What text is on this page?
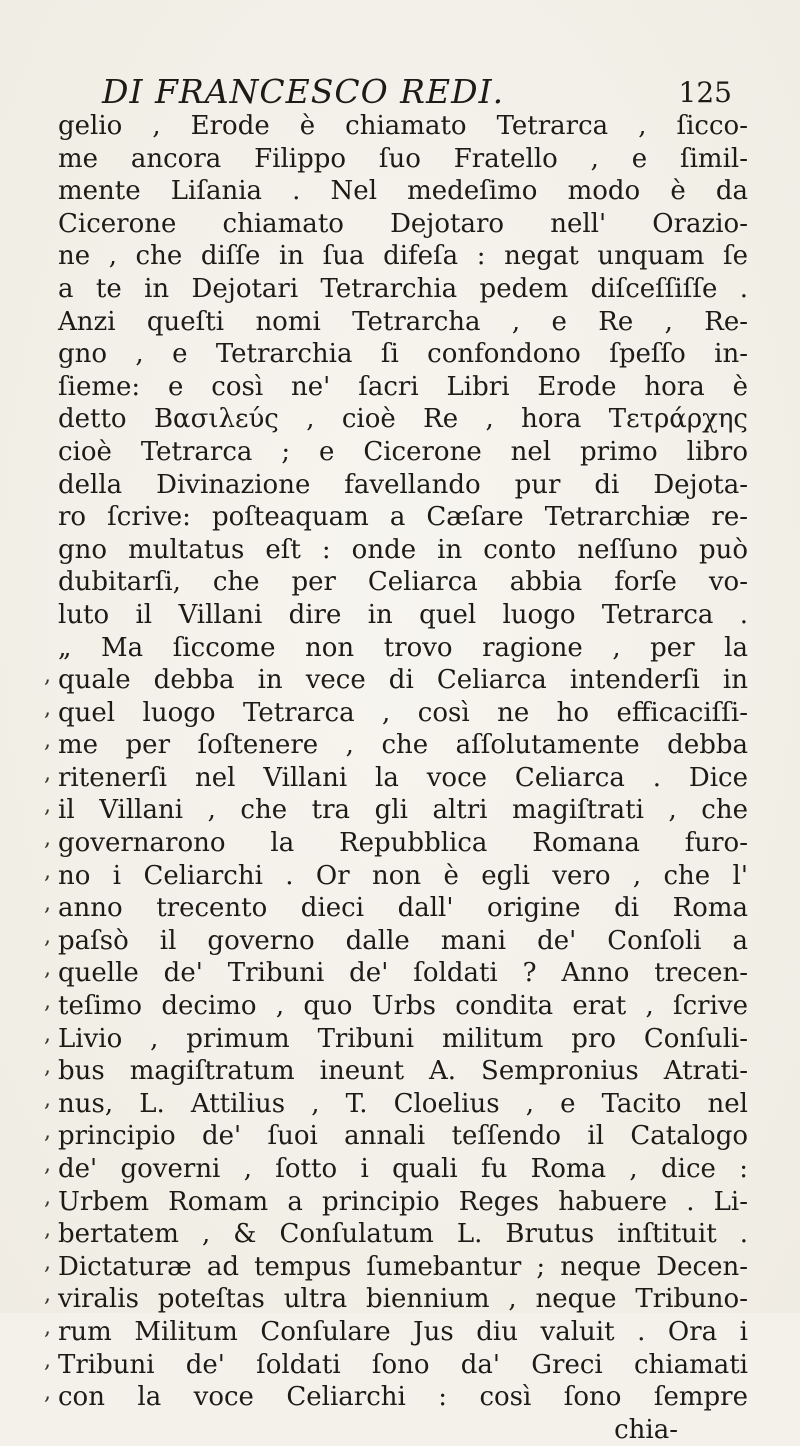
DI FRANCESCO REDI.	125
gelio , Erode è chiamato Tetrarca , ſicco-
me ancora Filippo ſuo Fratello , e ſimil-
mente Liſania . Nel medeſimo modo è da
Cicerone chiamato Dejotaro nell' Orazio-
ne , che diſſe in ſua difeſa : negat unquam ſe
a te in Dejotari Tetrarchia pedem diſceſſiſſe .
Anzi queſti nomi Tetrarcha , e Re , Re-
gno , e Tetrarchia ſi confondono ſpeſſo in-
ſieme: e così ne' ſacri Libri Erode hora è
detto Βασιλεύς , cioè Re , hora Τετράρχης
cioè Tetrarca ; e Cicerone nel primo libro
della Divinazione favellando pur di Dejota-
ro ſcrive: poſteaquam a Cæſare Tetrarchiæ re-
gno multatus eſt : onde in conto neſſuno può
dubitarſi, che per Celiarca abbia forſe vo-
luto il Villani dire in quel luogo Tetrarca .
„ Ma ſiccome non trovo ragione , per la
, quale debba in vece di Celiarca intenderſi in
, quel luogo Tetrarca , così ne ho efficaciſſi-
, me per ſoſtenere , che aſſolutamente debba
, ritenerſi nel Villani la voce Celiarca . Dice
, il Villani , che tra gli altri magiſtrati , che
, governarono la Repubblica Romana furo-
, no i Celiarchi . Or non è egli vero , che l'
, anno trecento dieci dall' origine di Roma
, paſsò il governo dalle mani de' Conſoli a
, quelle de' Tribuni de' ſoldati ? Anno trecen-
, teſimo decimo , quo Urbs condita erat , ſcrive
, Livio , primum Tribuni militum pro Conſuli-
, bus magiſtratum ineunt A. Sempronius Atrati-
, nus, L. Attilius , T. Cloelius , e Tacito nel
, principio de' ſuoi annali teſſendo il Catalogo
, de' governi , ſotto i quali fu Roma , dice :
, Urbem Romam a principio Reges habuere . Li-
, bertatem , & Conſulatum L. Brutus inſtituit .
, Dictaturæ ad tempus ſumebantur ; neque Decen-
, viralis poteſtas ultra biennium , neque Tribuno-
, rum Militum Conſulare Jus diu valuit . Ora i
, Tribuni de' ſoldati ſono da' Greci chiamati
, con la voce Celiarchi : così ſono ſempre
chia-
